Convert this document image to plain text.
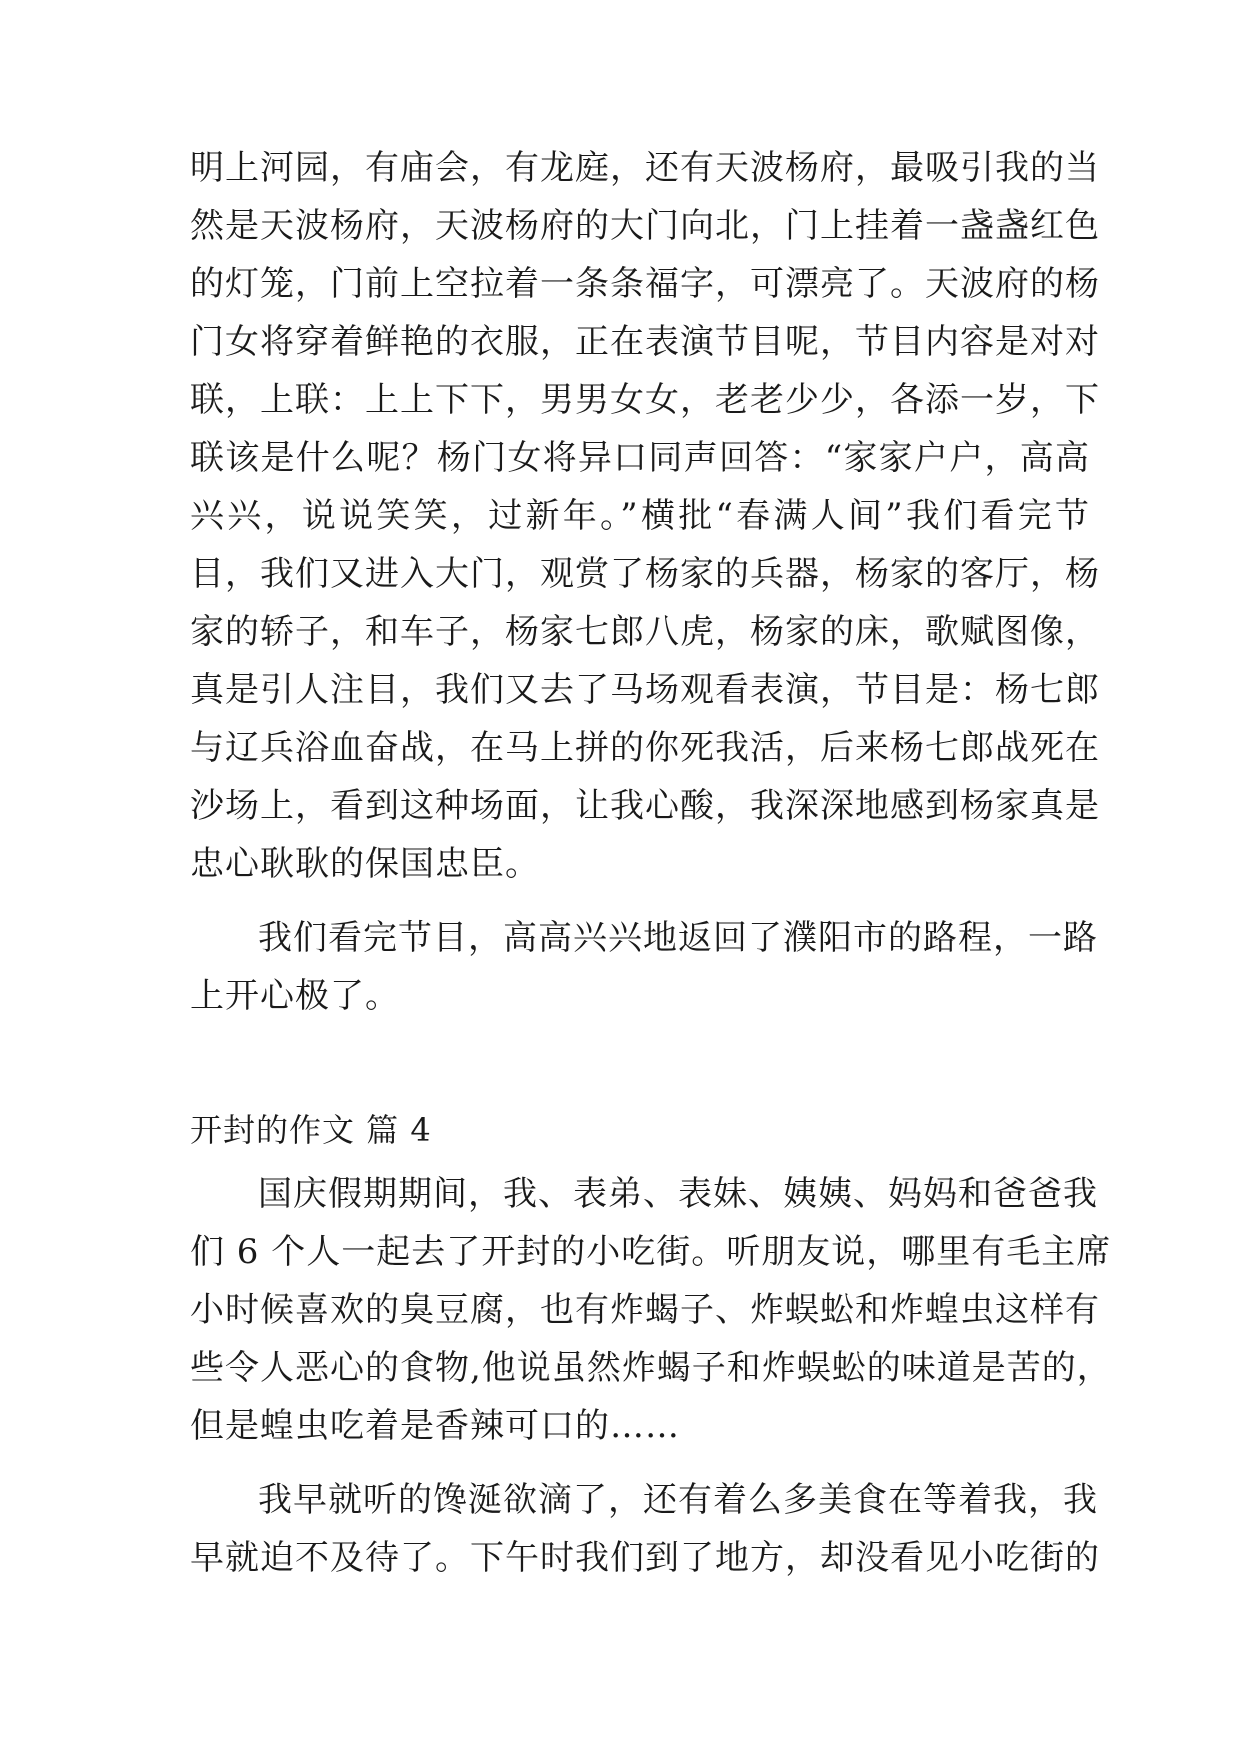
明上河园，有庙会，有龙庭，还有天波杨府，最吸引我的当
然是天波杨府，天波杨府的大门向北，门上挂着一盏盏红色
的灯笼，门前上空拉着一条条福字，可漂亮了。天波府的杨
门女将穿着鲜艳的衣服，正在表演节目呢，节目内容是对对
联，上联：上上下下，男男女女，老老少少，各添一岁，下
联该是什么呢？杨门女将异口同声回答：“家家户户，高高
兴兴，说说笑笑，过新年。”横批“春满人间”我们看完节
目，我们又进入大门，观赏了杨家的兵器，杨家的客厅，杨
家的轿子，和车子，杨家七郎八虎，杨家的床，歌赋图像，
真是引人注目，我们又去了马场观看表演，节目是：杨七郎
与辽兵浴血奋战，在马上拼的你死我活，后来杨七郎战死在
沙场上，看到这种场面，让我心酸，我深深地感到杨家真是
忠心耿耿的保国忠臣。
我们看完节目，高高兴兴地返回了濮阳市的路程，一路
上开心极了。
开封的作文 篇 4
国庆假期期间，我、表弟、表妹、姨姨、妈妈和爸爸我
们 6 个人一起去了开封的小吃街。听朋友说，哪里有毛主席
小时候喜欢的臭豆腐，也有炸蝎子、炸蜈蚣和炸蝗虫这样有
些令人恶心的食物,他说虽然炸蝎子和炸蜈蚣的味道是苦的，
但是蝗虫吃着是香辣可口的……
我早就听的馋涎欲滴了，还有着么多美食在等着我，我
早就迫不及待了。下午时我们到了地方，却没看见小吃街的
